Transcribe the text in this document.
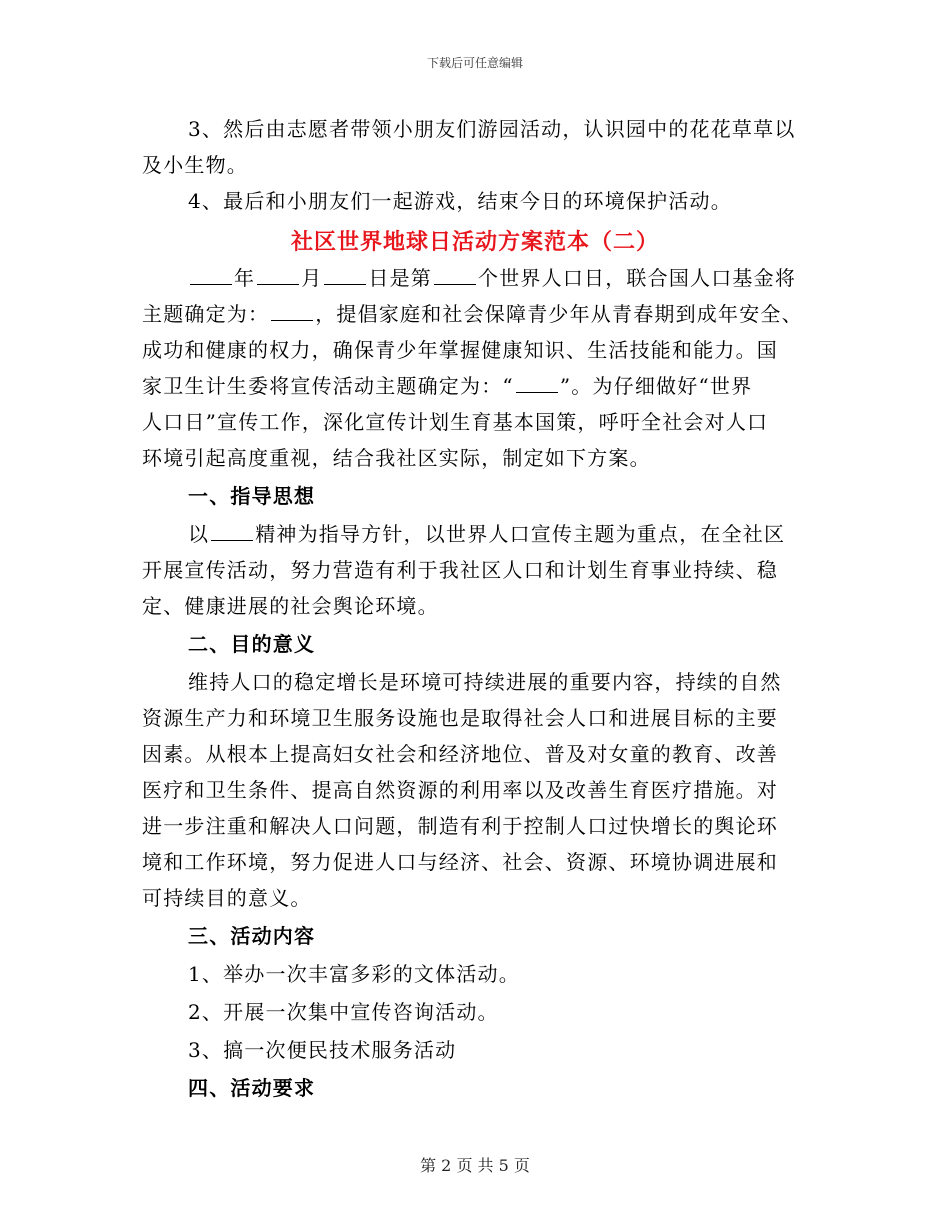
下载后可任意编辑
3、然后由志愿者带领小朋友们游园活动，认识园中的花花草草以
及小生物。
4、最后和小朋友们一起游戏，结束今日的环境保护活动。
社区世界地球日活动方案范本（二）
年 月 日是第 个世界人口日，联合国人口基金将
主题确定为： ，提倡家庭和社会保障青少年从青春期到成年安全、
成功和健康的权力，确保青少年掌握健康知识、生活技能和能力。国
家卫生计生委将宣传活动主题确定为：“ ”。为仔细做好“世界
人口日”宣传工作，深化宣传计划生育基本国策，呼吁全社会对人口
环境引起高度重视，结合我社区实际，制定如下方案。
一、指导思想
以 精神为指导方针，以世界人口宣传主题为重点，在全社区
开展宣传活动，努力营造有利于我社区人口和计划生育事业持续、稳
定、健康进展的社会舆论环境。
二、目的意义
维持人口的稳定增长是环境可持续进展的重要内容，持续的自然
资源生产力和环境卫生服务设施也是取得社会人口和进展目标的主要
因素。从根本上提高妇女社会和经济地位、普及对女童的教育、改善
医疗和卫生条件、提高自然资源的利用率以及改善生育医疗措施。对
进一步注重和解决人口问题，制造有利于控制人口过快增长的舆论环
境和工作环境，努力促进人口与经济、社会、资源、环境协调进展和
可持续目的意义。
三、活动内容
1、举办一次丰富多彩的文体活动。
2、开展一次集中宣传咨询活动。
3、搞一次便民技术服务活动
四、活动要求
第 2 页 共 5 页
